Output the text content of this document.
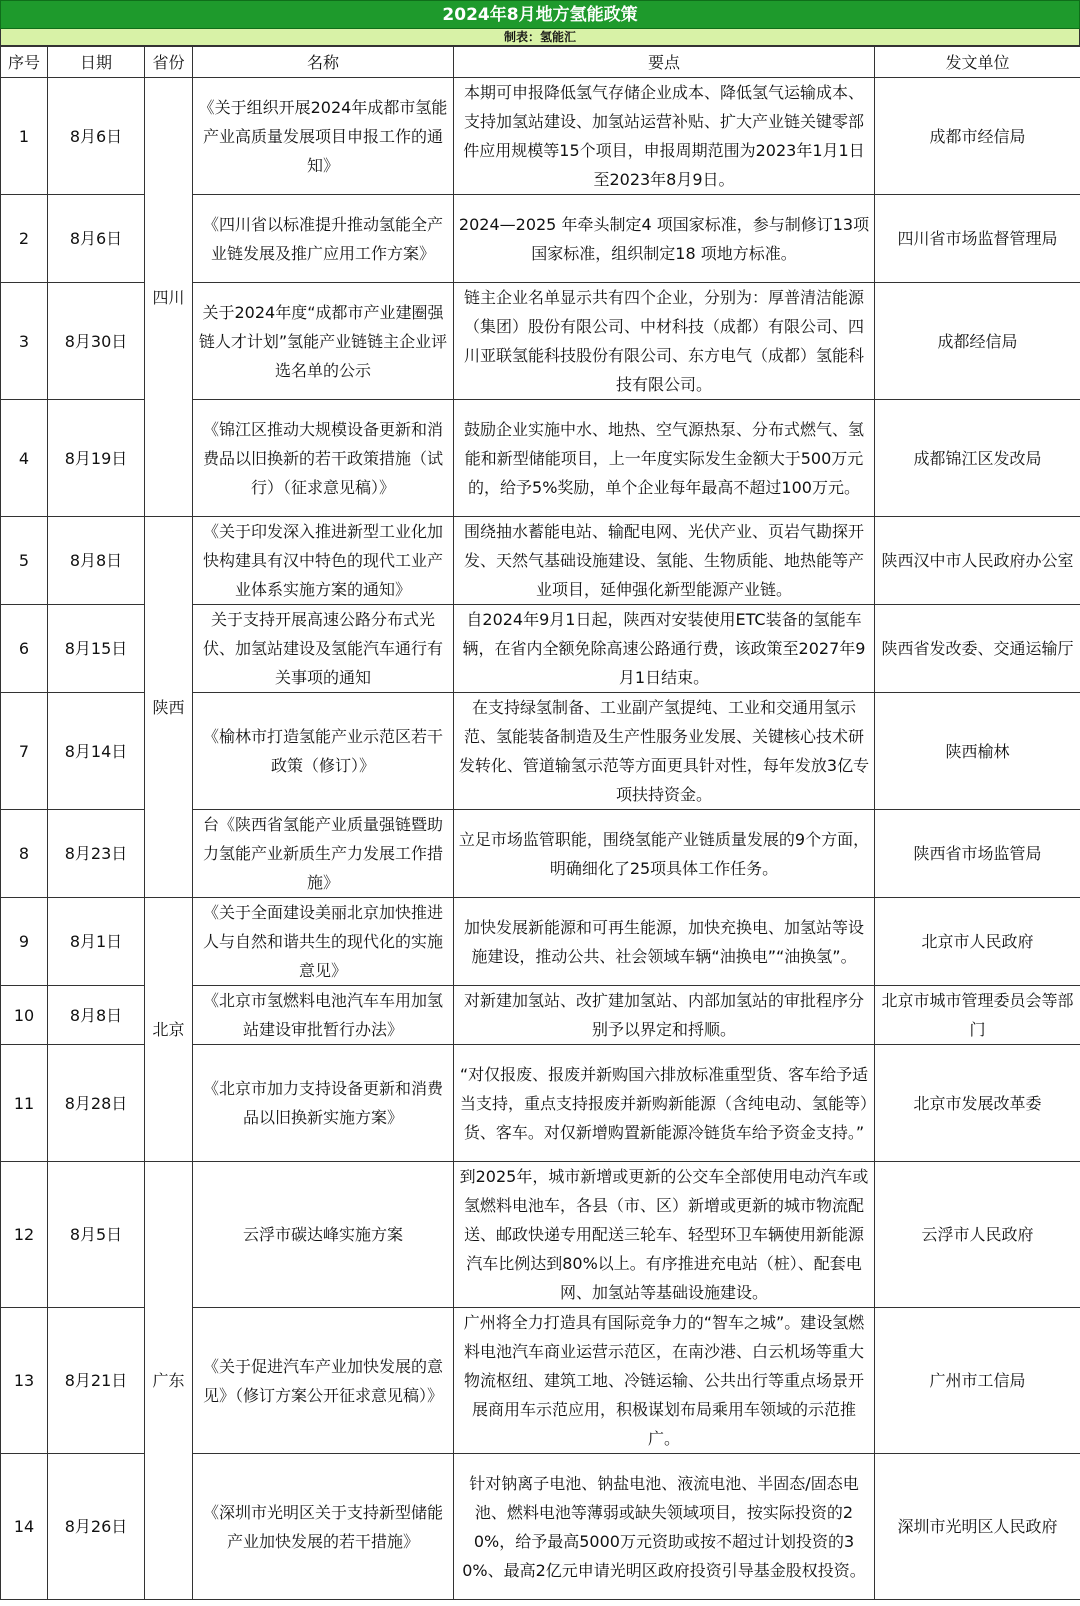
2024年8月地方氢能政策
制表：氢能汇
序号	日期	省份	名称	要点	发文单位
1	8月6日	四川	《关于组织开展2024年成都市氢能产业高质量发展项目申报工作的通知》	本期可申报降低氢气存储企业成本、降低氢气运输成本、支持加氢站建设、加氢站运营补贴、扩大产业链关键零部件应用规模等15个项目，申报周期范围为2023年1月1日至2023年8月9日。	成都市经信局
2	8月6日		《四川省以标准提升推动氢能全产业链发展及推广应用工作方案》	2024—2025 年牵头制定4 项国家标准，参与制修订13项国家标准，组织制定18 项地方标准。	四川省市场监督管理局
3	8月30日		关于2024年度“成都市产业建圈强链人才计划”氢能产业链链主企业评选名单的公示	链主企业名单显示共有四个企业，分别为：厚普清洁能源（集团）股份有限公司、中材科技（成都）有限公司、四川亚联氢能科技股份有限公司、东方电气（成都）氢能科技有限公司。	成都经信局
4	8月19日		《锦江区推动大规模设备更新和消费品以旧换新的若干政策措施（试行）（征求意见稿）》	鼓励企业实施中水、地热、空气源热泵、分布式燃气、氢能和新型储能项目，上一年度实际发生金额大于500万元的，给予5%奖励，单个企业每年最高不超过100万元。	成都锦江区发改局
5	8月8日	陕西	《关于印发深入推进新型工业化加快构建具有汉中特色的现代工业产业体系实施方案的通知》	围绕抽水蓄能电站、输配电网、光伏产业、页岩气勘探开发、天然气基础设施建设、氢能、生物质能、地热能等产业项目，延伸强化新型能源产业链。	陕西汉中市人民政府办公室
6	8月15日		关于支持开展高速公路分布式光伏、加氢站建设及氢能汽车通行有关事项的通知	自2024年9月1日起，陕西对安装使用ETC装备的氢能车辆，在省内全额免除高速公路通行费，该政策至2027年9月1日结束。	陕西省发改委、交通运输厅
7	8月14日		《榆林市打造氢能产业示范区若干政策（修订）》	在支持绿氢制备、工业副产氢提纯、工业和交通用氢示范、氢能装备制造及生产性服务业发展、关键核心技术研发转化、管道输氢示范等方面更具针对性，每年发放3亿专项扶持资金。	陕西榆林
8	8月23日		台《陕西省氢能产业质量强链暨助力氢能产业新质生产力发展工作措施》	立足市场监管职能，围绕氢能产业链质量发展的9个方面，明确细化了25项具体工作任务。	陕西省市场监管局
9	8月1日	北京	《关于全面建设美丽北京加快推进人与自然和谐共生的现代化的实施意见》	加快发展新能源和可再生能源，加快充换电、加氢站等设施建设，推动公共、社会领域车辆“油换电”“油换氢”。	北京市人民政府
10	8月8日		《北京市氢燃料电池汽车车用加氢站建设审批暂行办法》	对新建加氢站、改扩建加氢站、内部加氢站的审批程序分别予以界定和捋顺。	北京市城市管理委员会等部门
11	8月28日		《北京市加力支持设备更新和消费品以旧换新实施方案》	“对仅报废、报废并新购国六排放标准重型货、客车给予适当支持，重点支持报废并新购新能源（含纯电动、氢能等）货、客车。对仅新增购置新能源冷链货车给予资金支持。”	北京市发展改革委
12	8月5日	广东	云浮市碳达峰实施方案	到2025年，城市新增或更新的公交车全部使用电动汽车或氢燃料电池车，各县（市、区）新增或更新的城市物流配送、邮政快递专用配送三轮车、轻型环卫车辆使用新能源汽车比例达到80%以上。有序推进充电站（桩）、配套电网、加氢站等基础设施建设。	云浮市人民政府
13	8月21日		《关于促进汽车产业加快发展的意见》（修订方案公开征求意见稿）》	广州将全力打造具有国际竞争力的“智车之城”。建设氢燃料电池汽车商业运营示范区，在南沙港、白云机场等重大物流枢纽、建筑工地、冷链运输、公共出行等重点场景开展商用车示范应用，积极谋划布局乘用车领域的示范推广。	广州市工信局
14	8月26日		《深圳市光明区关于支持新型储能产业加快发展的若干措施》	针对钠离子电池、钠盐电池、液流电池、半固态/固态电池、燃料电池等薄弱或缺失领域项目，按实际投资的20%，给予最高5000万元资助或按不超过计划投资的30%、最高2亿元申请光明区政府投资引导基金股权投资。	深圳市光明区人民政府
